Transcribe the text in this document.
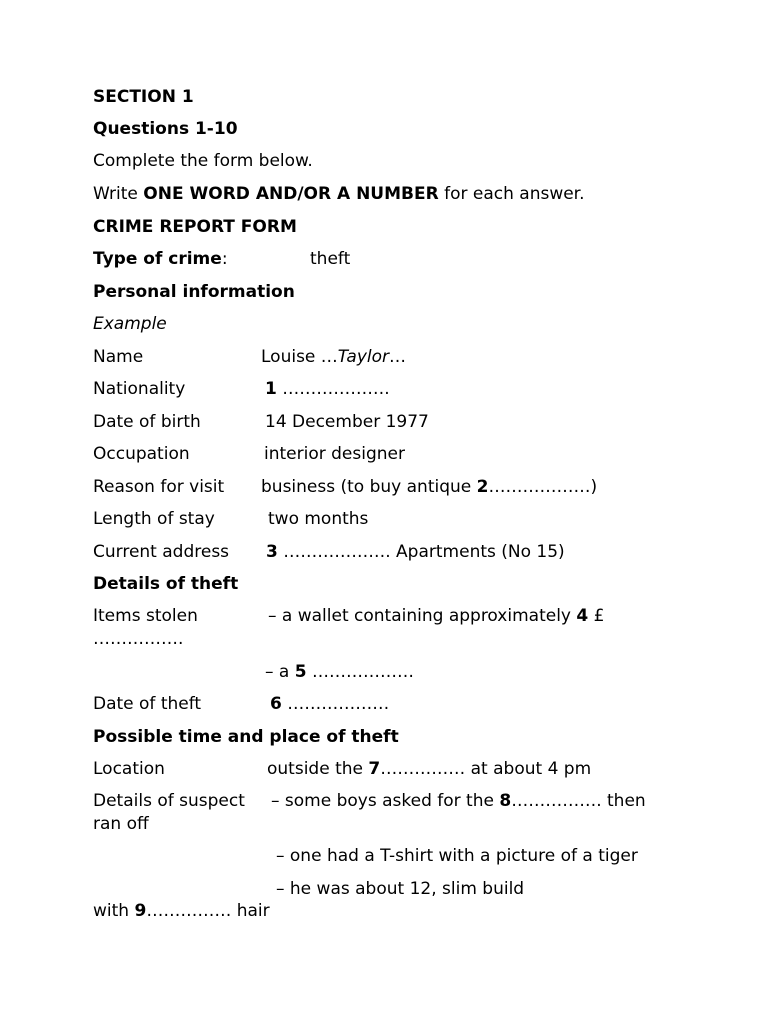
SECTION 1
Questions 1-10
Complete the form below.
Write ONE WORD AND/OR A NUMBER for each answer.
CRIME REPORT FORM
Type of crime:	theft
Personal information
Example
Name	Louise …Taylor…
Nationality	1 ……………….
Date of birth	14 December 1977
Occupation	interior designer
Reason for visit business (to buy antique 2………………)
Length of stay	two months
Current address 3 ………………. Apartments (No 15)
Details of theft
Items stolen	– a wallet containing approximately 4 £
…………….
– a 5 ………………
Date of theft	6 ………………
Possible time and place of theft
Location	outside the 7…………… at about 4 pm
Details of suspect – some boys asked for the 8……………. then
ran off
– one had a T-shirt with a picture of a tiger
– he was about 12, slim build
with 9…………… hair
